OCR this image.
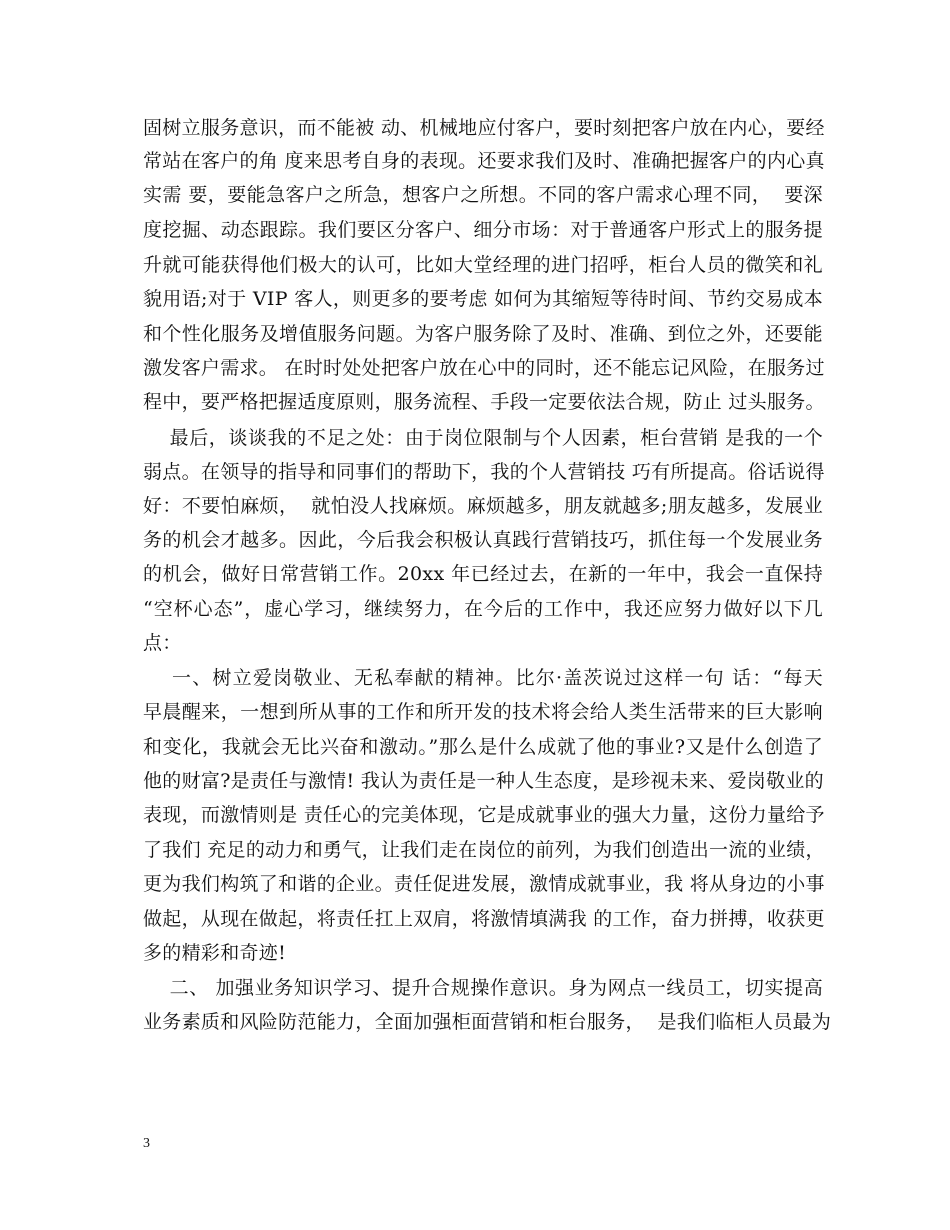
固树立服务意识，而不能被 动、机械地应付客户，要时刻把客户放在内心，要经
常站在客户的角 度来思考自身的表现。还要求我们及时、准确把握客户的内心真
实需 要，要能急客户之所急，想客户之所想。不同的客户需求心理不同，  要深
度挖掘、动态跟踪。我们要区分客户、细分市场：对于普通客户形式上的服务提
升就可能获得他们极大的认可，比如大堂经理的进门招呼，柜台人员的微笑和礼
貌用语;对于 VIP 客人，则更多的要考虑 如何为其缩短等待时间、节约交易成本
和个性化服务及增值服务问题。为客户服务除了及时、准确、到位之外，还要能
激发客户需求。 在时时处处把客户放在心中的同时，还不能忘记风险，在服务过
程中，要严格把握适度原则，服务流程、手段一定要依法合规，防止 过头服务。
最后，谈谈我的不足之处：由于岗位限制与个人因素，柜台营销 是我的一个
弱点。在领导的指导和同事们的帮助下，我的个人营销技 巧有所提高。俗话说得
好：不要怕麻烦，  就怕没人找麻烦。麻烦越多，朋友就越多;朋友越多，发展业
务的机会才越多。因此，今后我会积极认真践行营销技巧，抓住每一个发展业务
的机会，做好日常营销工作。20xx 年已经过去，在新的一年中，我会一直保持
“空杯心态”，虚心学习，继续努力，在今后的工作中，我还应努力做好以下几
点：
一、树立爱岗敬业、无私奉献的精神。比尔·盖茨说过这样一句 话：“每天
早晨醒来，一想到所从事的工作和所开发的技术将会给人类生活带来的巨大影响
和变化，我就会无比兴奋和激动。”那么是什么成就了他的事业?又是什么创造了
他的财富?是责任与激情! 我认为责任是一种人生态度，是珍视未来、爱岗敬业的
表现，而激情则是 责任心的完美体现，它是成就事业的强大力量，这份力量给予
了我们 充足的动力和勇气，让我们走在岗位的前列，为我们创造出一流的业绩，
更为我们构筑了和谐的企业。责任促进发展，激情成就事业，我 将从身边的小事
做起，从现在做起，将责任扛上双肩，将激情填满我 的工作，奋力拼搏，收获更
多的精彩和奇迹!
二、 加强业务知识学习、提升合规操作意识。身为网点一线员工，切实提高
业务素质和风险防范能力，全面加强柜面营销和柜台服务，  是我们临柜人员最为
3
